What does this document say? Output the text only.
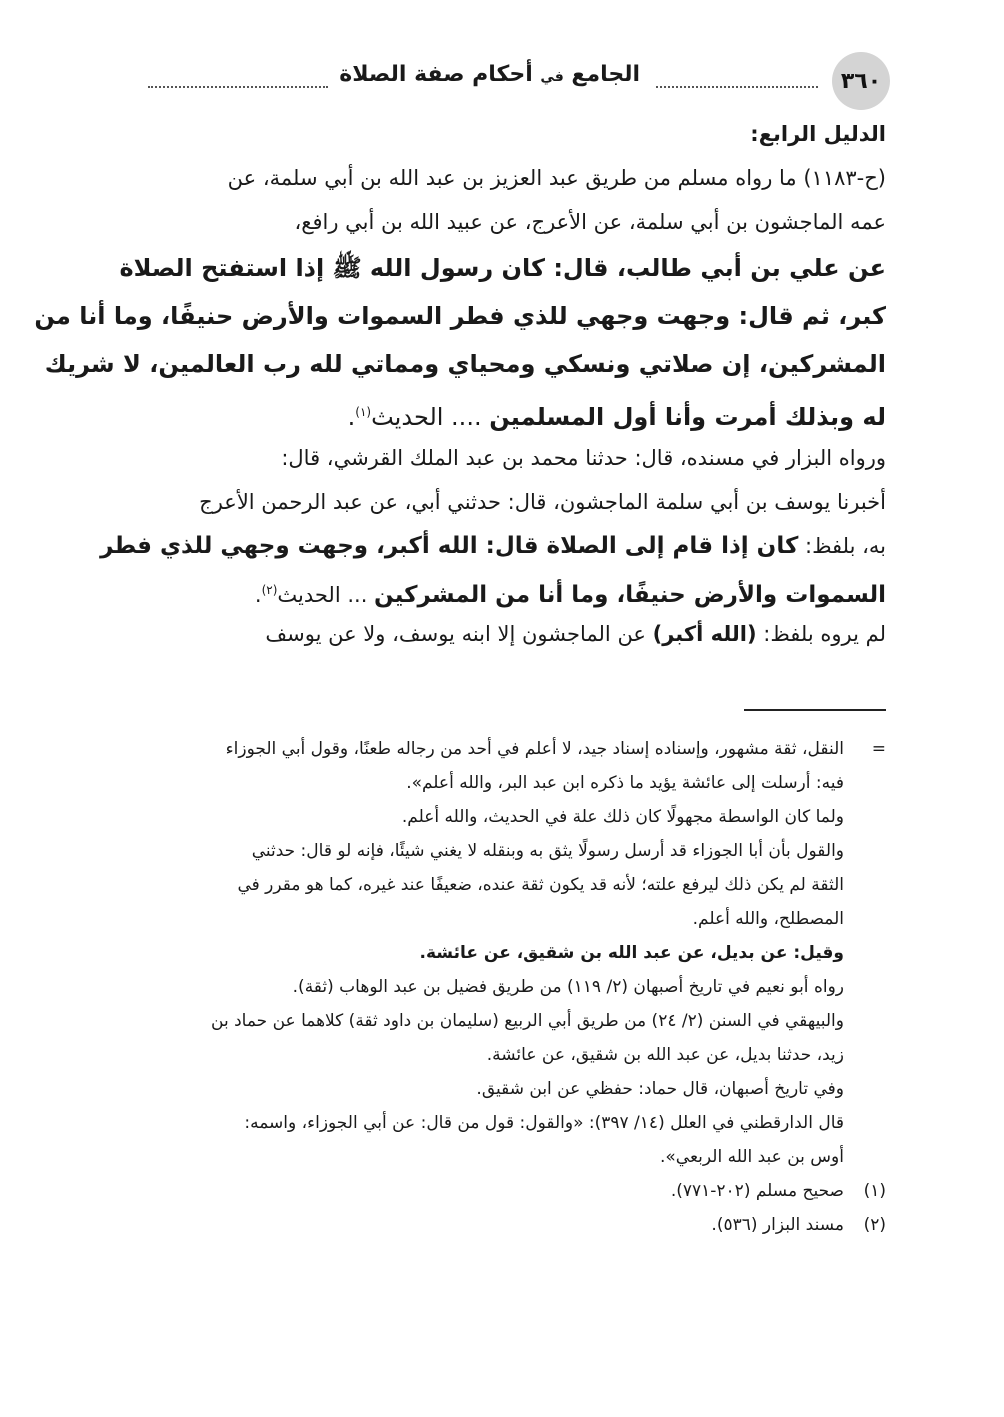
٣٦٠
الجامع في أحكام صفة الصلاة
الدليل الرابع:
(ح-١١٨٣) ما رواه مسلم من طريق عبد العزيز بن عبد الله بن أبي سلمة، عن
عمه الماجشون بن أبي سلمة، عن الأعرج، عن عبيد الله بن أبي رافع،
عن علي بن أبي طالب، قال: كان رسول الله ﷺ إذا استفتح الصلاة
كبر، ثم قال: وجهت وجهي للذي فطر السموات والأرض حنيفًا، وما أنا من
المشركين، إن صلاتي ونسكي ومحياي ومماتي لله رب العالمين، لا شريك
له وبذلك أمرت وأنا أول المسلمين .... الحديث$^{(١)}$.
ورواه البزار في مسنده، قال: حدثنا محمد بن عبد الملك القرشي، قال:
أخبرنا يوسف بن أبي سلمة الماجشون، قال: حدثني أبي، عن عبد الرحمن الأعرج
به، بلفظ: كان إذا قام إلى الصلاة قال: الله أكبر، وجهت وجهي للذي فطر
السموات والأرض حنيفًا، وما أنا من المشركين ... الحديث$^{(٢)}$.
لم يروه بلفظ: (الله أكبر) عن الماجشون إلا ابنه يوسف، ولا عن يوسف
=النقل، ثقة مشهور، وإسناده إسناد جيد، لا أعلم في أحد من رجاله طعنًا، وقول أبي الجوزاء
فيه: أرسلت إلى عائشة يؤيد ما ذكره ابن عبد البر، والله أعلم».
ولما كان الواسطة مجهولًا كان ذلك علة في الحديث، والله أعلم.
والقول بأن أبا الجوزاء قد أرسل رسولًا يثق به وبنقله لا يغني شيئًا، فإنه لو قال: حدثني
الثقة لم يكن ذلك ليرفع علته؛ لأنه قد يكون ثقة عنده، ضعيفًا عند غيره، كما هو مقرر في
المصطلح، والله أعلم.
وقيل: عن بديل، عن عبد الله بن شقيق، عن عائشة.
رواه أبو نعيم في تاريخ أصبهان (٢/ ١١٩) من طريق فضيل بن عبد الوهاب (ثقة).
والبيهقي في السنن (٢/ ٢٤) من طريق أبي الربيع (سليمان بن داود ثقة) كلاهما عن حماد بن
زيد، حدثنا بديل، عن عبد الله بن شقيق، عن عائشة.
وفي تاريخ أصبهان، قال حماد: حفظي عن ابن شقيق.
قال الدارقطني في العلل (١٤/ ٣٩٧): «والقول: قول من قال: عن أبي الجوزاء، واسمه:
أوس بن عبد الله الربعي».
(١)صحيح مسلم (٢٠٢-٧٧١).
(٢)مسند البزار (٥٣٦).
